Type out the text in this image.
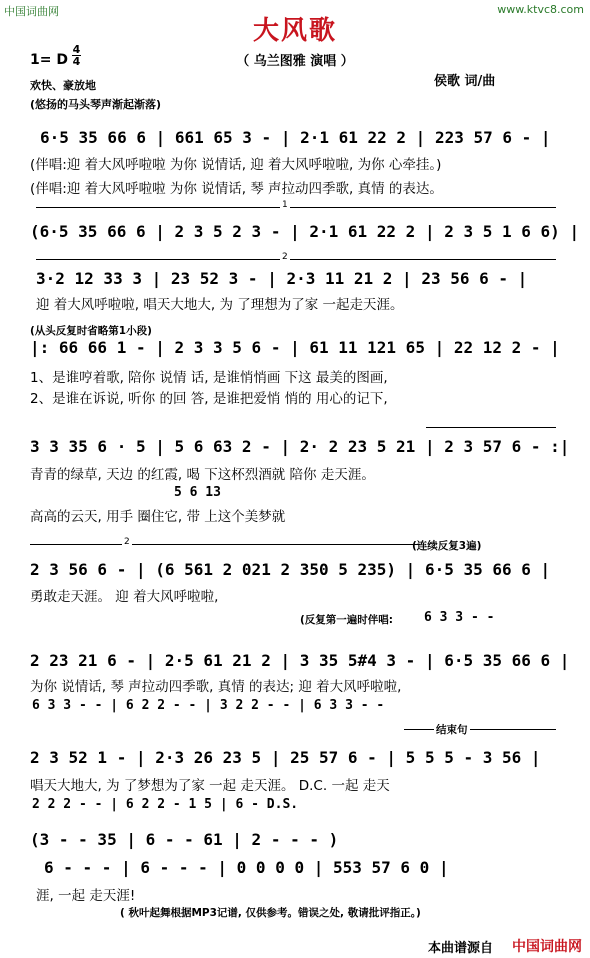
中国词曲网	www.ktvc8.com
大风歌
（ 乌兰图雅 演唱 ）
1= D
4
4
侯歌 词/曲
欢快、豪放地
(悠扬的马头琴声渐起渐落)
6·5 35 66 6 | 661 65 3 - | 2·1 61 22 2 | 223 57 6 - |
(伴唱:迎 着大风呼啦啦 为你 说情话, 迎 着大风呼啦啦, 为你 心牵挂。)
(伴唱:迎 着大风呼啦啦 为你 说情话, 琴 声拉动四季歌, 真情 的表达。
1
(6·5 35 66 6 | 2 3 5 2 3 - | 2·1 61 22 2 | 2 3 5 1 6 6) |
2
3·2 12 33 3 | 23 52 3 - | 2·3 11 21 2 | 23 56 6 - |
迎 着大风呼啦啦, 唱天大地大, 为 了理想为了家 一起走天涯。
(从头反复时省略第1小段)
|: 66 66 1 - | 2 3 3 5 6 - | 61 11 121 65 | 22 12 2 - |
1、是谁哼着歌, 陪你 说情 话, 是谁悄悄画 下这 最美的图画,
2、是谁在诉说, 听你 的回 答, 是谁把爱悄 悄的 用心的记下,
3 3 35 6 · 5 | 5 6 63 2 - | 2· 2 23 5 21 | 2 3 57 6 - :|
青青的绿草, 天边 的红霞, 喝 下这杯烈酒就 陪你 走天涯。
5 6 13
高高的云天, 用手 圈住它, 带 上这个美梦就
2	(连续反复3遍)
2 3 56 6 - | (6 561 2 021 2 350 5 235) | 6·5 35 66 6 |
勇敢走天涯。 迎 着大风呼啦啦,
(反复第一遍时伴唱: 6 3 3 - -
2 23 21 6 - | 2·5 61 21 2 | 3 35 5#4 3 - | 6·5 35 66 6 |
为你 说情话, 琴 声拉动四季歌, 真情 的表达; 迎 着大风呼啦啦,
6 3 3 - - | 6 2 2 - - | 3 2 2 - - | 6 3 3 - -
结束句
2 3 52 1 - | 2·3 26 23 5 | 25 57 6 - | 5 5 5 - 3 56 |
唱天大地大, 为 了梦想为了家 一起 走天涯。 D.C. 一起 走天
2 2 2 - - | 6 2 2 - 1 5 | 6 - D.S.
(3 - - 35 | 6 - - 61 | 2 - - - )
6 - - - | 6 - - - | 0 0 0 0 | 553 57 6 0 |
涯, 一起 走天涯!
( 秋叶起舞根据MP3记谱, 仅供参考。错误之处, 敬请批评指正。)
本曲谱源自 中国词曲网
